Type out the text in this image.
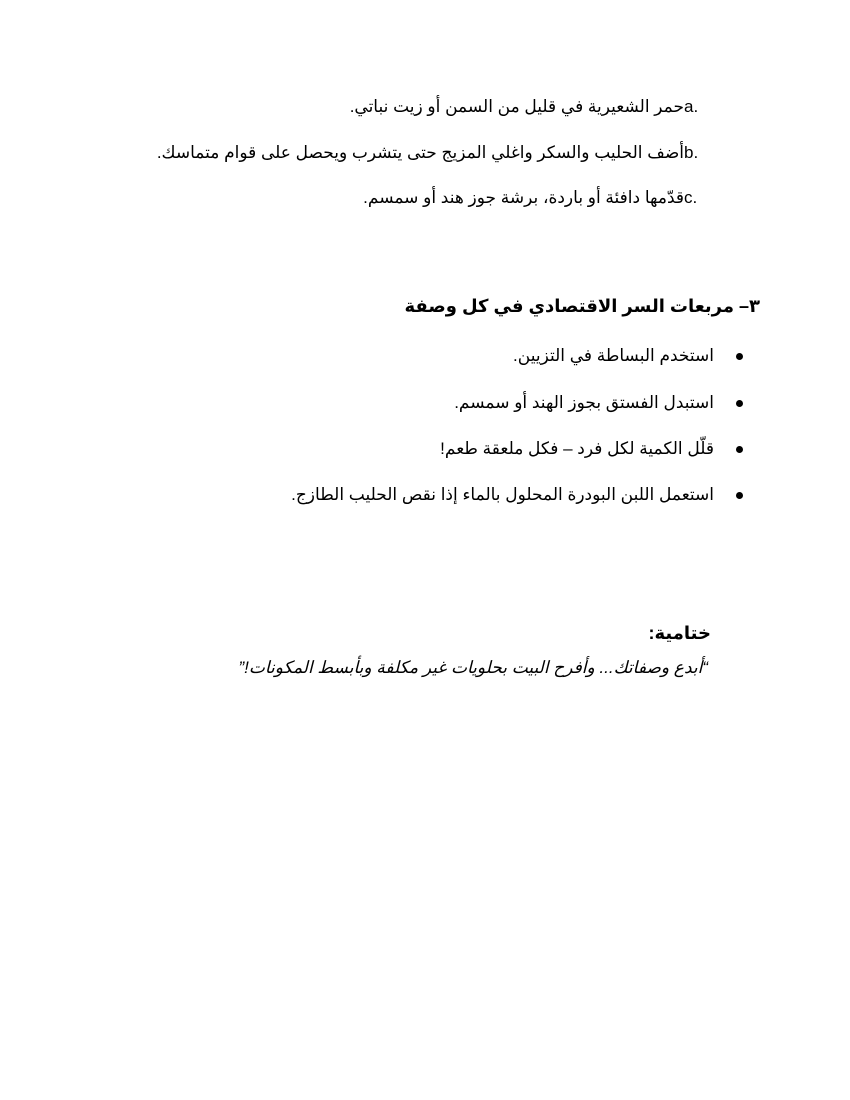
a.
حمر الشعيرية في قليل من السمن أو زيت نباتي.
b.
أضف الحليب والسكر واغلي المزيج حتى يتشرب ويحصل على قوام متماسك.
c.
قدّمها دافئة أو باردة، برشة جوز هند أو سمسم.
٣– مربعات السر الاقتصادي في كل وصفة
استخدم البساطة في التزيين.
استبدل الفستق بجوز الهند أو سمسم.
قلّل الكمية لكل فرد – فكل ملعقة طعم!
استعمل اللبن البودرة المحلول بالماء إذا نقص الحليب الطازج.
ختامية:
“أبدع وصفاتك... وأفرح البيت بحلويات غير مكلفة وبأبسط المكونات!”
